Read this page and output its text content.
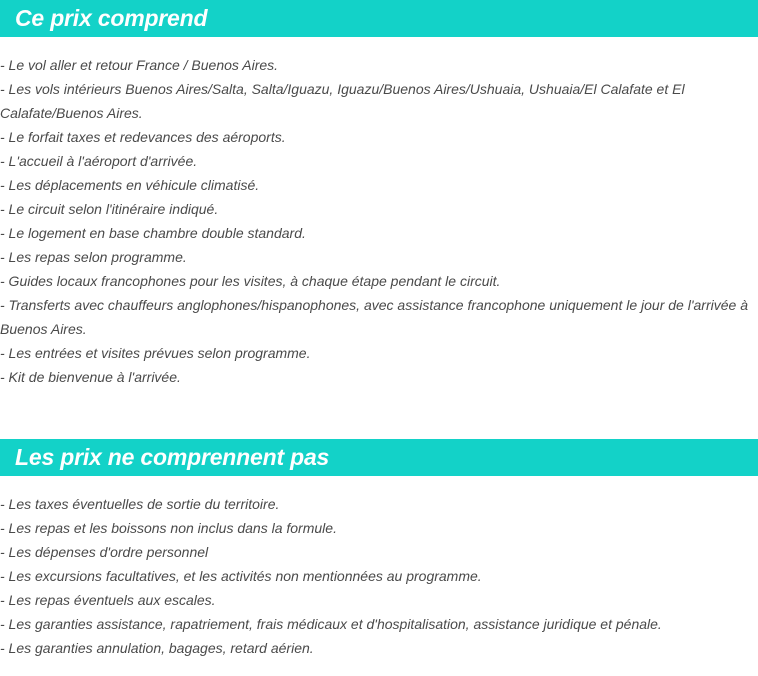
Ce prix comprend
- Le vol aller et retour France / Buenos Aires.
- Les vols intérieurs Buenos Aires/Salta, Salta/Iguazu, Iguazu/Buenos Aires/Ushuaia, Ushuaia/El Calafate et El Calafate/Buenos Aires.
- Le forfait taxes et redevances des aéroports.
- L'accueil à l'aéroport d'arrivée.
- Les déplacements en véhicule climatisé.
- Le circuit selon l'itinéraire indiqué.
- Le logement en base chambre double standard.
- Les repas selon programme.
- Guides locaux francophones pour les visites, à chaque étape pendant le circuit.
- Transferts avec chauffeurs anglophones/hispanophones, avec assistance francophone uniquement le jour de l'arrivée à Buenos Aires.
- Les entrées et visites prévues selon programme.
- Kit de bienvenue à l'arrivée.
Les prix ne comprennent pas
- Les taxes éventuelles de sortie du territoire.
- Les repas et les boissons non inclus dans la formule.
- Les dépenses d'ordre personnel
- Les excursions facultatives, et les activités non mentionnées au programme.
- Les repas éventuels aux escales.
- Les garanties assistance, rapatriement, frais médicaux et d'hospitalisation, assistance juridique et pénale.
- Les garanties annulation, bagages, retard aérien.
